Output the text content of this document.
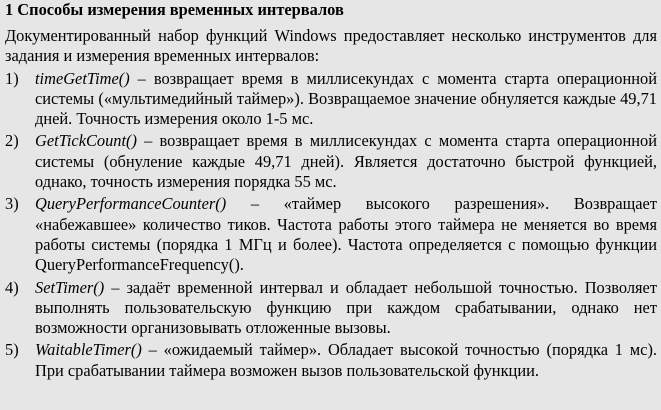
1 Способы измерения временных интервалов

Документированный набор функций Windows предоставляет несколько инструментов для задания и измерения временных интервалов:

1) timeGetTime() – возвращает время в миллисекундах с момента старта операционной системы («мультимедийный таймер»). Возвращаемое значение обнуляется каждые 49,71 дней. Точность измерения около 1-5 мс.
2) GetTickCount() – возвращает время в миллисекундах с момента старта операционной системы (обнуление каждые 49,71 дней). Является достаточно быстрой функцией, однако, точность измерения порядка 55 мс.
3) QueryPerformanceCounter() – «таймер высокого разрешения». Возвращает «набежавшее» количество тиков. Частота работы этого таймера не меняется во время работы системы (порядка 1 МГц и более). Частота определяется с помощью функции QueryPerformanceFrequency().
4) SetTimer() – задаёт временной интервал и обладает небольшой точностью. Позволяет выполнять пользовательскую функцию при каждом срабатывании, однако нет возможности организовывать отложенные вызовы.
5) WaitableTimer() – «ожидаемый таймер». Обладает высокой точностью (порядка 1 мс). При срабатывании таймера возможен вызов пользовательской функции.
